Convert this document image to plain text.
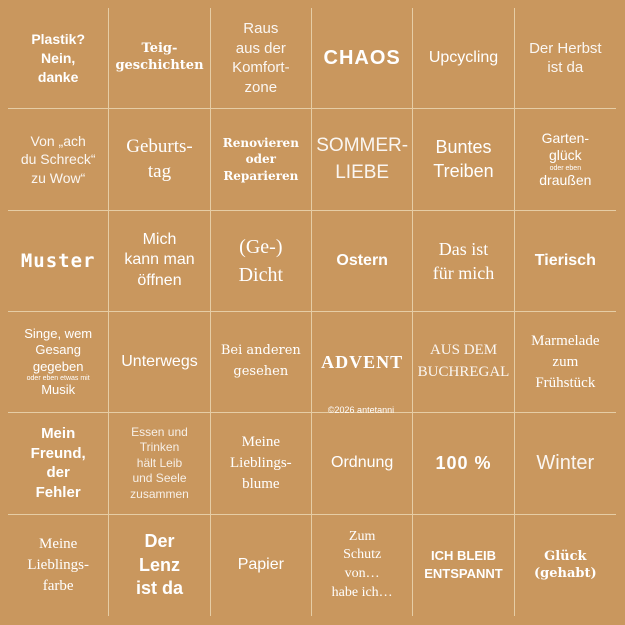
Plastik?
Nein,
danke
Teig-
geschichten
Raus
aus der
Komfort-
zone
CHAOS Upcycling
Der Herbst
ist da
Von „ach
du Schreck“
zu Wow“
Geburts-
tag
Renovieren
oder
Reparieren
SOMMER-
LIEBE
Buntes
Treiben
Garten-
glück
oder eben
draußen
Muster
Mich
kann man
öffnen
(Ge-)
Dicht
Ostern
Das ist
für mich
Tierisch
Singe, wem
Gesang
gegeben
oder eben etwas mit
Musik
Unterwegs
Bei anderen
gesehen	ADVENT
AUS DEM
BUCHREGAL
Marmelade
zum
Frühstück
Mein
Freund,
der
Fehler
Essen und
Trinken
hält Leib
und Seele
zusammen
Meine
Lieblings-
blume
Ordnung 100 % Winter
Meine
Lieblings-
farbe
Der
Lenz
ist da
Papier
Zum
Schutz
von…
habe ich…
ICH BLEIB
ENTSPANNT
Glück
(gehabt)
©2026 antetanni
